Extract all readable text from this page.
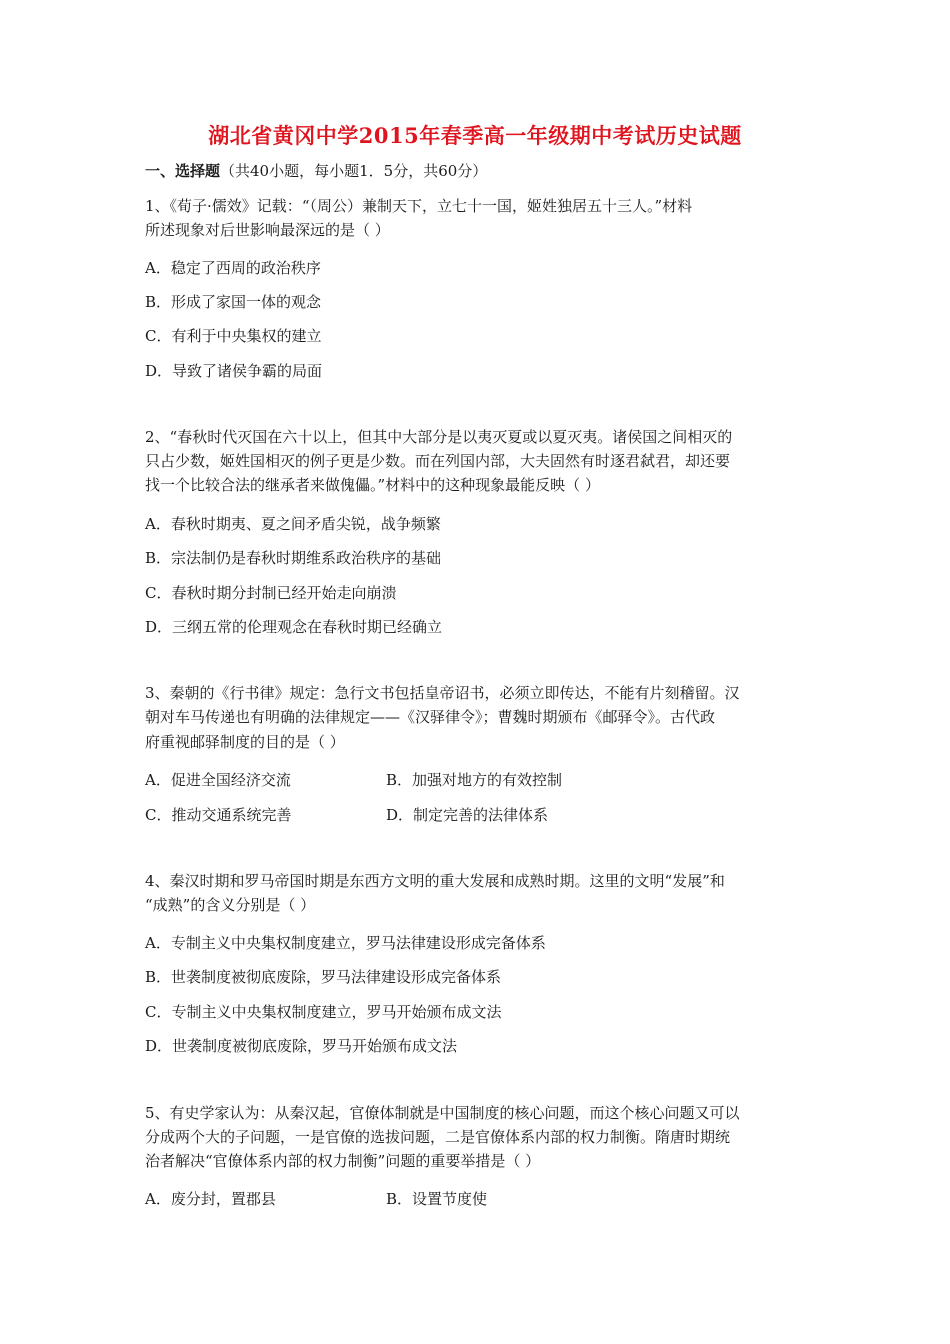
湖北省黄冈中学2015年春季高一年级期中考试历史试题

一、选择题（共40小题，每小题1．5分，共60分）

1、《荀子·儒效》记载：“（周公）兼制天下，立七十一国，姬姓独居五十三人。”材料

所述现象对后世影响最深远的是（ ）

A．稳定了西周的政治秩序

B．形成了家国一体的观念

C．有利于中央集权的建立

D．导致了诸侯争霸的局面

2、“春秋时代灭国在六十以上，但其中大部分是以夷灭夏或以夏灭夷。诸侯国之间相灭的

只占少数，姬姓国相灭的例子更是少数。而在列国内部，大夫固然有时逐君弑君，却还要

找一个比较合法的继承者来做傀儡。”材料中的这种现象最能反映（ ）

A．春秋时期夷、夏之间矛盾尖锐，战争频繁

B．宗法制仍是春秋时期维系政治秩序的基础

C．春秋时期分封制已经开始走向崩溃

D．三纲五常的伦理观念在春秋时期已经确立

3、秦朝的《行书律》规定：急行文书包括皇帝诏书，必须立即传达，不能有片刻稽留。汉

朝对车马传递也有明确的法律规定——《汉驿律令》；曹魏时期颁布《邮驿令》。古代政

府重视邮驿制度的目的是（ ）

A．促进全国经济交流	B．加强对地方的有效控制

C．推动交通系统完善	D．制定完善的法律体系

4、秦汉时期和罗马帝国时期是东西方文明的重大发展和成熟时期。这里的文明“发展”和

“成熟”的含义分别是（ ）

A．专制主义中央集权制度建立，罗马法律建设形成完备体系

B．世袭制度被彻底废除，罗马法律建设形成完备体系

C．专制主义中央集权制度建立，罗马开始颁布成文法

D．世袭制度被彻底废除，罗马开始颁布成文法

5、有史学家认为：从秦汉起，官僚体制就是中国制度的核心问题，而这个核心问题又可以

分成两个大的子问题，一是官僚的选拔问题，二是官僚体系内部的权力制衡。隋唐时期统

治者解决“官僚体系内部的权力制衡”问题的重要举措是（ ）

A．废分封，置郡县	B．设置节度使
